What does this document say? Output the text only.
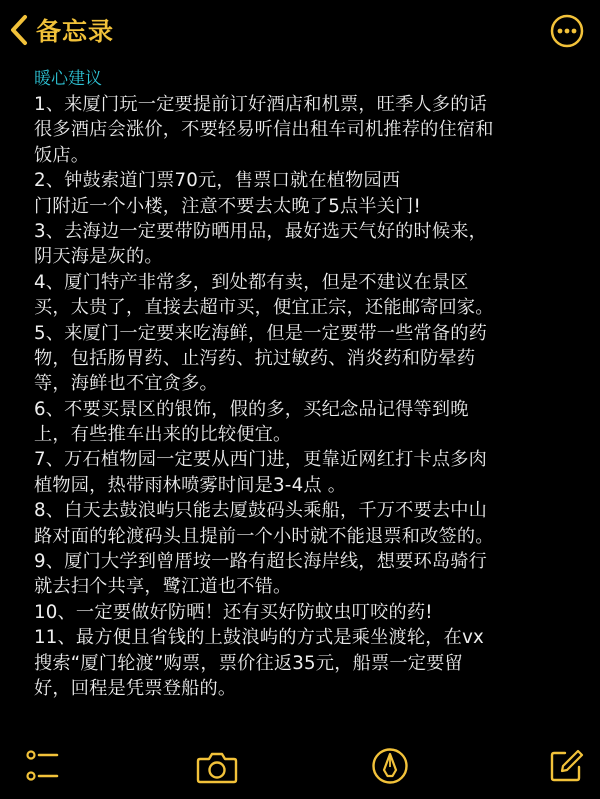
备忘录

暖心建议

1、来厦门玩一定要提前订好酒店和机票，旺季人多的话

很多酒店会涨价，不要轻易听信出租车司机推荐的住宿和

饭店。

2、钟鼓索道门票70元，售票口就在植物园西

门附近一个小楼，注意不要去太晚了5点半关门!

3、去海边一定要带防晒用品，最好选天气好的时候来，

阴天海是灰的。

4、厦门特产非常多，到处都有卖，但是不建议在景区

买，太贵了，直接去超市买，便宜正宗，还能邮寄回家。

5、来厦门一定要来吃海鲜，但是一定要带一些常备的药

物，包括肠胃药、止泻药、抗过敏药、消炎药和防晕药

等，海鲜也不宜贪多。

6、不要买景区的银饰，假的多，买纪念品记得等到晚

上，有些推车出来的比较便宜。

7、万石植物园一定要从西门进，更靠近网红打卡点多肉

植物园，热带雨林喷雾时间是3-4点 。

8、白天去鼓浪屿只能去厦鼓码头乘船，千万不要去中山

路对面的轮渡码头且提前一个小时就不能退票和改签的。

9、厦门大学到曾厝垵一路有超长海岸线，想要环岛骑行

就去扫个共享，鹭江道也不错。

10、一定要做好防晒！还有买好防蚊虫叮咬的药!

11、最方便且省钱的上鼓浪屿的方式是乘坐渡轮，在vx

搜索“厦门轮渡”购票，票价往返35元，船票一定要留

好，回程是凭票登船的。
